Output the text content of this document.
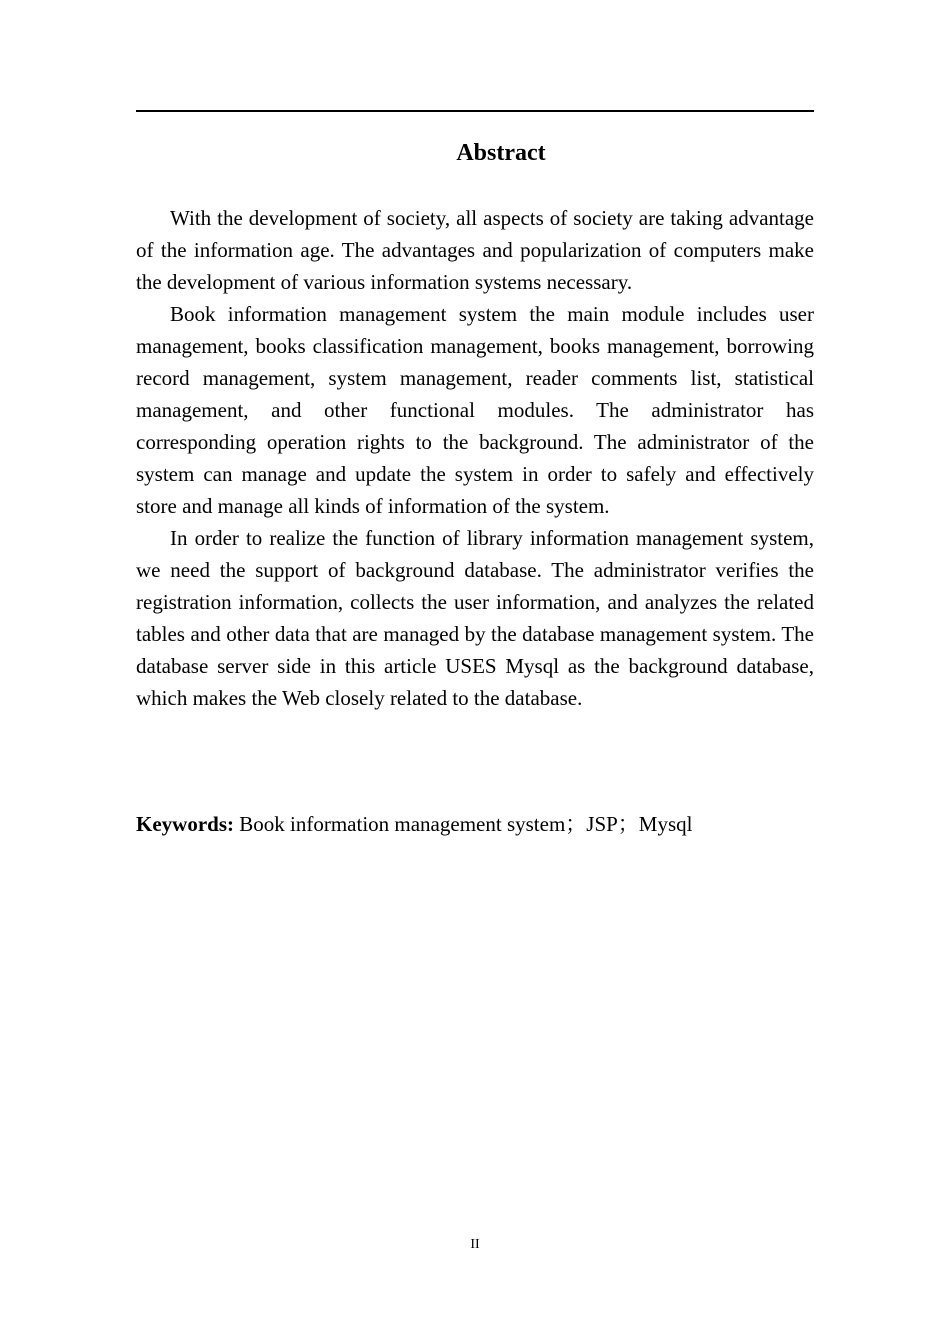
Abstract

With the development of society, all aspects of society are taking advantage of the information age. The advantages and popularization of computers make the development of various information systems necessary.

Book information management system the main module includes user management, books classification management, books management, borrowing record management, system management, reader comments list, statistical management, and other functional modules. The administrator has corresponding operation rights to the background. The administrator of the system can manage and update the system in order to safely and effectively store and manage all kinds of information of the system.

In order to realize the function of library information management system, we need the support of background database. The administrator verifies the registration information, collects the user information, and analyzes the related tables and other data that are managed by the database management system. The database server side in this article USES Mysql as the background database, which makes the Web closely related to the database.

Keywords: Book information management system；JSP；Mysql

II
